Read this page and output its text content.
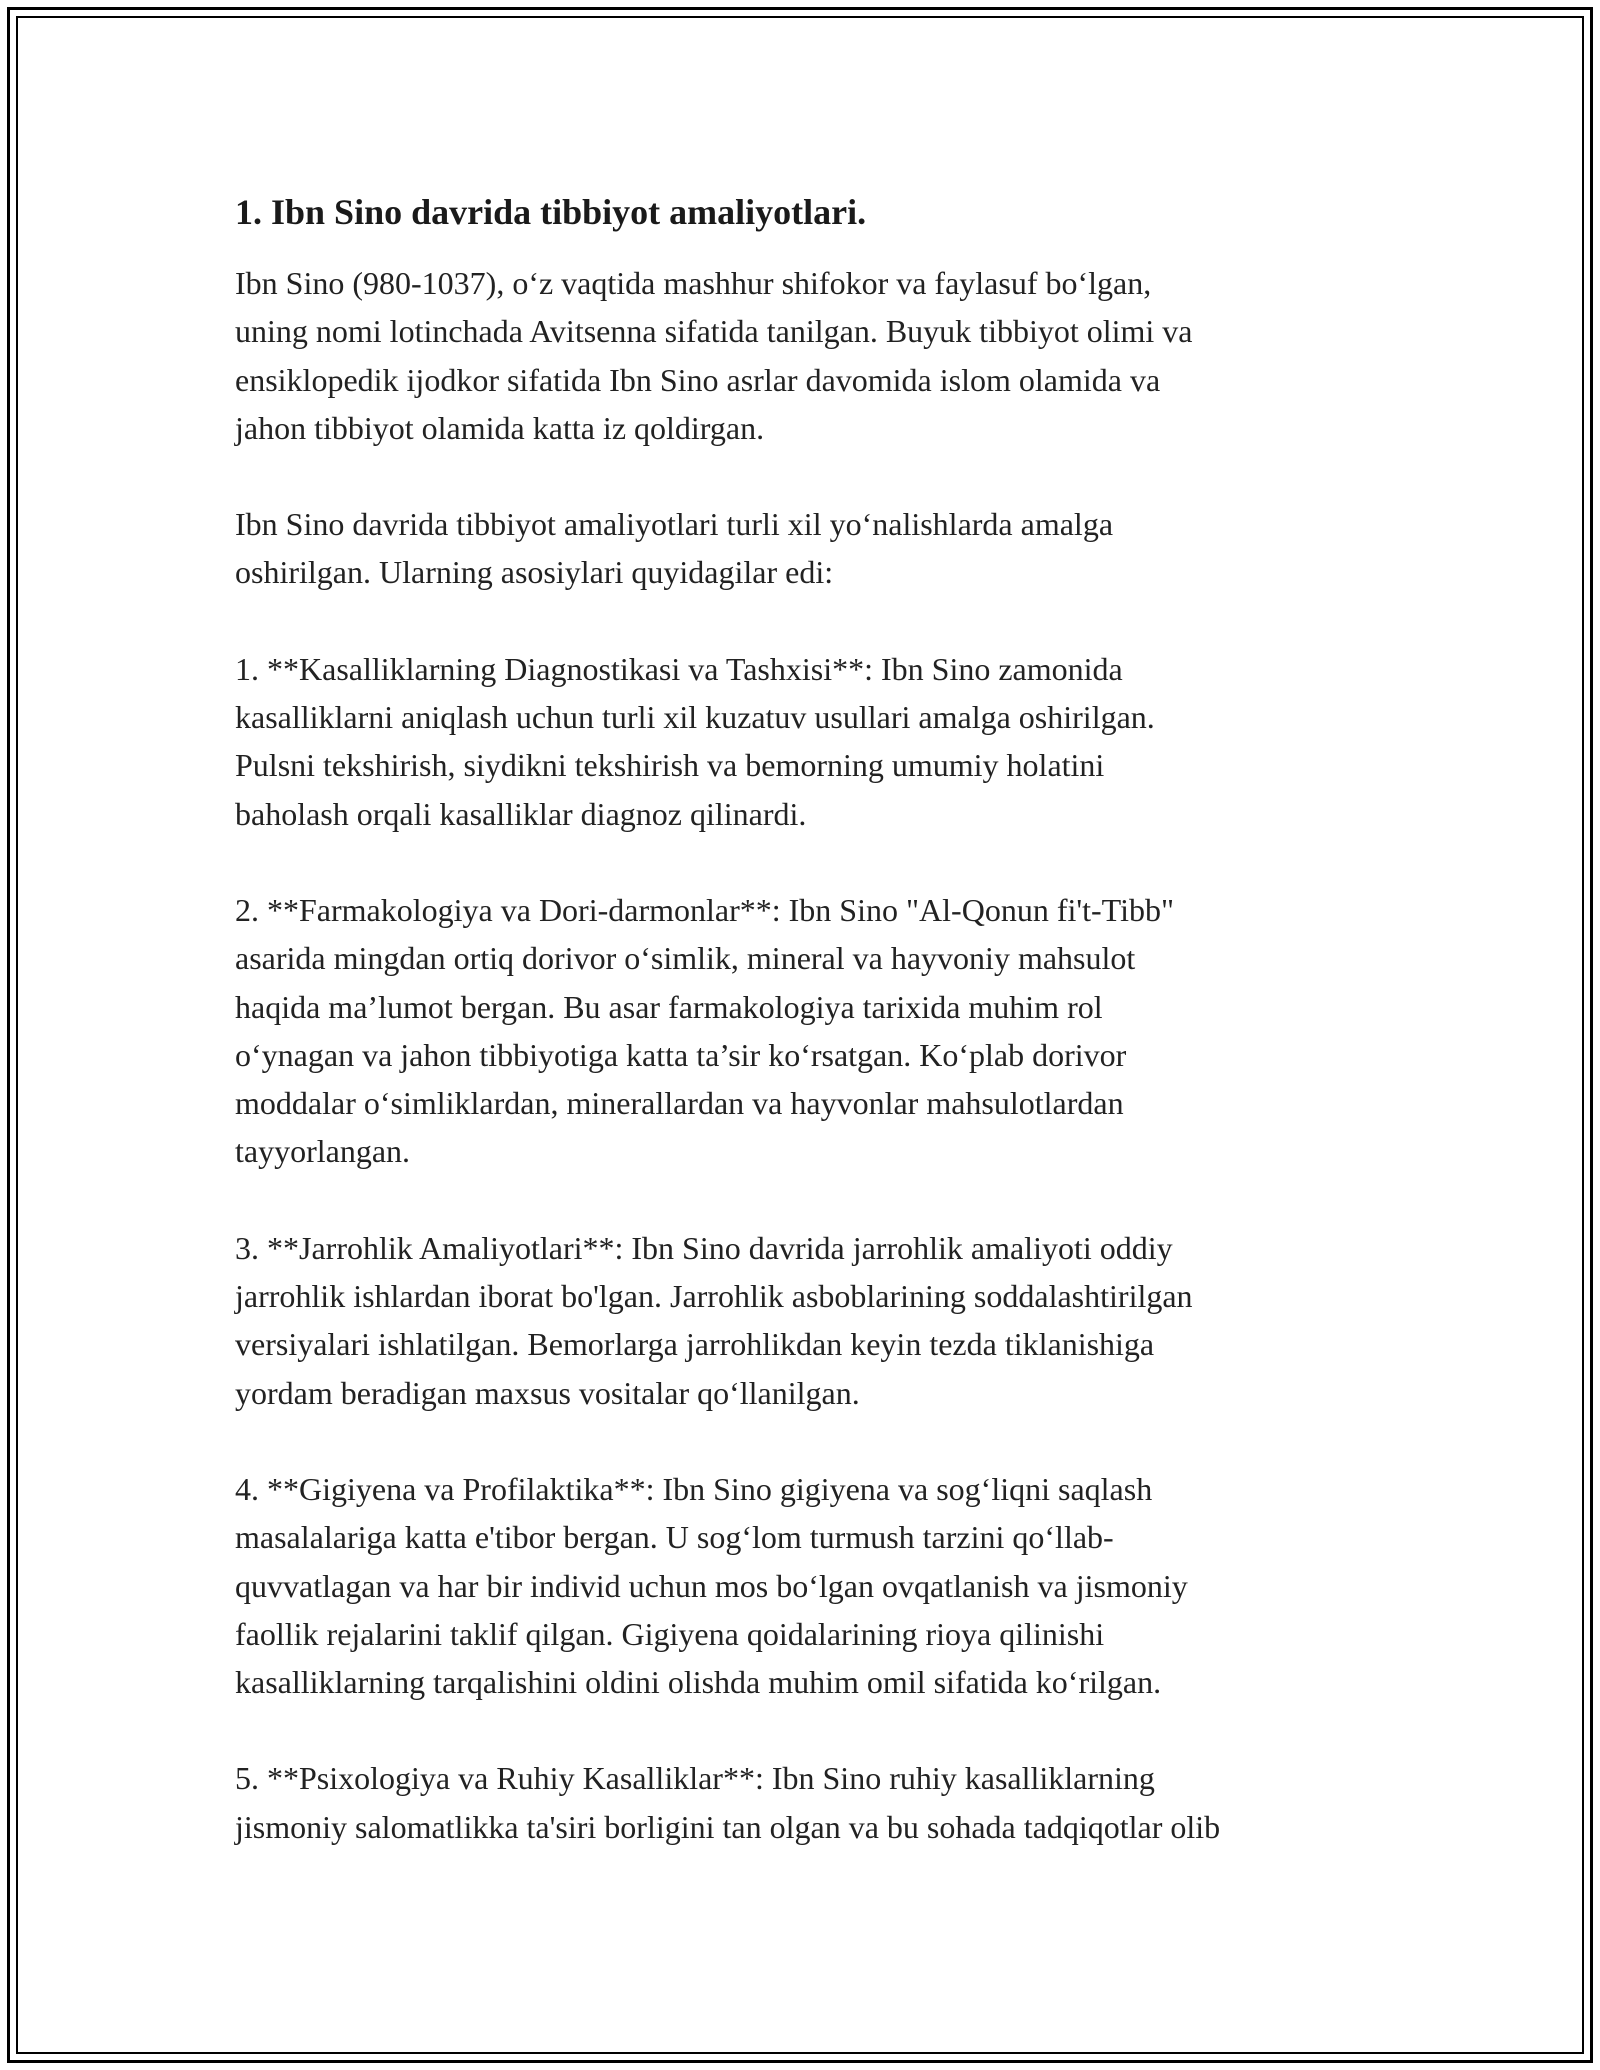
1. Ibn Sino davrida tibbiyot amaliyotlari.

Ibn Sino (980-1037), o‘z vaqtida mashhur shifokor va faylasuf bo‘lgan,
uning nomi lotinchada Avitsenna sifatida tanilgan. Buyuk tibbiyot olimi va
ensiklopedik ijodkor sifatida Ibn Sino asrlar davomida islom olamida va
jahon tibbiyot olamida katta iz qoldirgan.

Ibn Sino davrida tibbiyot amaliyotlari turli xil yo‘nalishlarda amalga
oshirilgan. Ularning asosiylari quyidagilar edi:

1. **Kasalliklarning Diagnostikasi va Tashxisi**: Ibn Sino zamonida
kasalliklarni aniqlash uchun turli xil kuzatuv usullari amalga oshirilgan.
Pulsni tekshirish, siydikni tekshirish va bemorning umumiy holatini
baholash orqali kasalliklar diagnoz qilinardi.

2. **Farmakologiya va Dori-darmonlar**: Ibn Sino "Al-Qonun fi't-Tibb"
asarida mingdan ortiq dorivor o‘simlik, mineral va hayvoniy mahsulot
haqida ma’lumot bergan. Bu asar farmakologiya tarixida muhim rol
o‘ynagan va jahon tibbiyotiga katta ta’sir ko‘rsatgan. Ko‘plab dorivor
moddalar o‘simliklardan, minerallardan va hayvonlar mahsulotlardan
tayyorlangan.

3. **Jarrohlik Amaliyotlari**: Ibn Sino davrida jarrohlik amaliyoti oddiy
jarrohlik ishlardan iborat bo'lgan. Jarrohlik asboblarining soddalashtirilgan
versiyalari ishlatilgan. Bemorlarga jarrohlikdan keyin tezda tiklanishiga
yordam beradigan maxsus vositalar qo‘llanilgan.

4. **Gigiyena va Profilaktika**: Ibn Sino gigiyena va sog‘liqni saqlash
masalalariga katta e'tibor bergan. U sog‘lom turmush tarzini qo‘llab-
quvvatlagan va har bir individ uchun mos bo‘lgan ovqatlanish va jismoniy
faollik rejalarini taklif qilgan. Gigiyena qoidalarining rioya qilinishi
kasalliklarning tarqalishini oldini olishda muhim omil sifatida ko‘rilgan.

5. **Psixologiya va Ruhiy Kasalliklar**: Ibn Sino ruhiy kasalliklarning
jismoniy salomatlikka ta'siri borligini tan olgan va bu sohada tadqiqotlar olib
